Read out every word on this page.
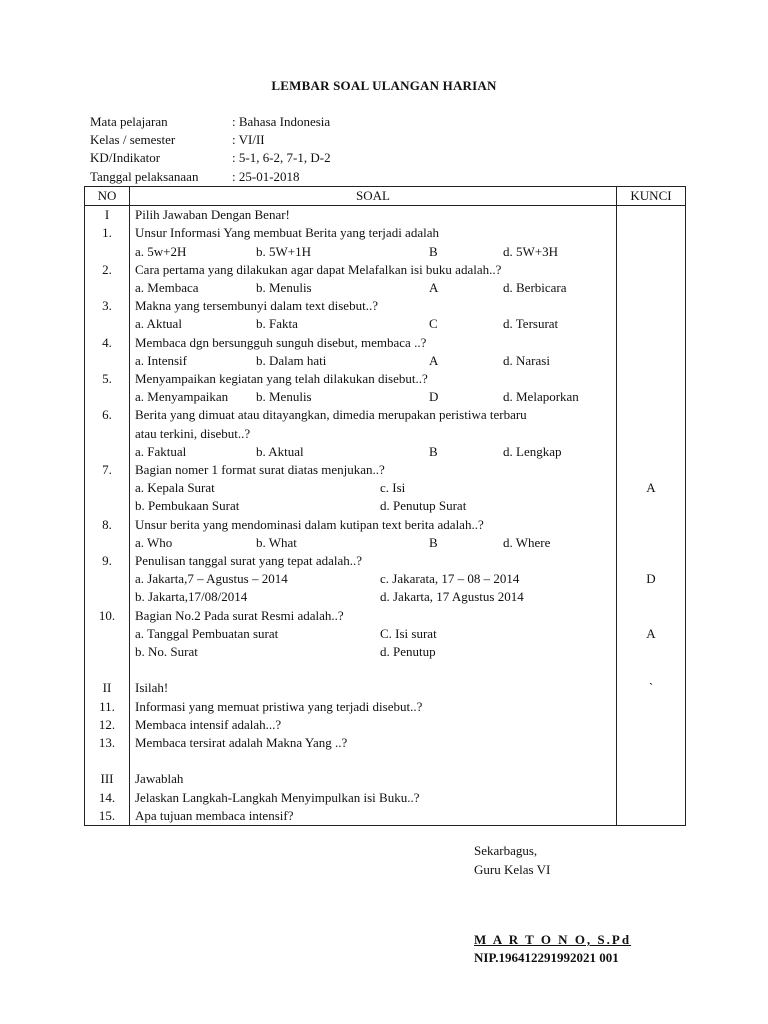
LEMBAR SOAL ULANGAN HARIAN
Mata pelajaran	: Bahasa Indonesia
Kelas / semester	: VI/II
KD/Indikator	: 5-1, 6-2, 7-1, D-2
Tanggal pelaksanaan	: 25-01-2018
NO	SOAL	KUNCI
I	Pilih Jawaban Dengan Benar!	
1.	Unsur Informasi Yang membuat Berita yang terjadi adalah	

	a. 5w+2H b. 5W+1H B d. 5W+3H	

2.	Cara pertama yang dilakukan agar dapat Melafalkan isi buku adalah..?	

	a. Membaca b. Menulis A d. Berbicara	

3.	Makna yang tersembunyi dalam text disebut..?	

	a. Aktual b. Fakta C d. Tersurat	

4.	Membaca dgn bersungguh sunguh disebut, membaca ..?	

	a. Intensif b. Dalam hati A d. Narasi	

5.	Menyampaikan kegiatan yang telah dilakukan disebut..?	

	a. Menyampaikan b. Menulis D d. Melaporkan	

6.	Berita yang dimuat atau ditayangkan, dimedia merupakan peristiwa terbaru	
	atau terkini, disebut..?	

	a. Faktual b. Aktual B d. Lengkap	

7.	Bagian nomer 1 format surat diatas menjukan..?	

	a. Kepala Surat c. Isi	A

	b. Pembukaan Surat d. Penutup Surat	

8.	Unsur berita yang mendominasi dalam kutipan text berita adalah..?	

	a. Who b. What B d. Where	

9.	Penulisan tanggal surat yang tepat adalah..?	

	a. Jakarta,7 – Agustus – 2014 c. Jakarata, 17 – 08 – 2014	D

	b. Jakarta,17/08/2014 d. Jakarta, 17 Agustus 2014	

10.	Bagian No.2 Pada surat Resmi adalah..?	

	a. Tanggal Pembuatan surat C. Isi surat	A

	b. No. Surat d. Penutup	

II	Isilah!	`
11.	Informasi yang memuat pristiwa yang terjadi disebut..?	
12.	Membaca intensif adalah...?	
13.	Membaca tersirat adalah Makna Yang ..?	

III	Jawablah	
14.	Jelaskan Langkah-Langkah Menyimpulkan isi Buku..?	
15.	Apa tujuan membaca intensif?	
Sekarbagus,
Guru Kelas VI
M A R T O N O, S.Pd
NIP.196412291992021 001
